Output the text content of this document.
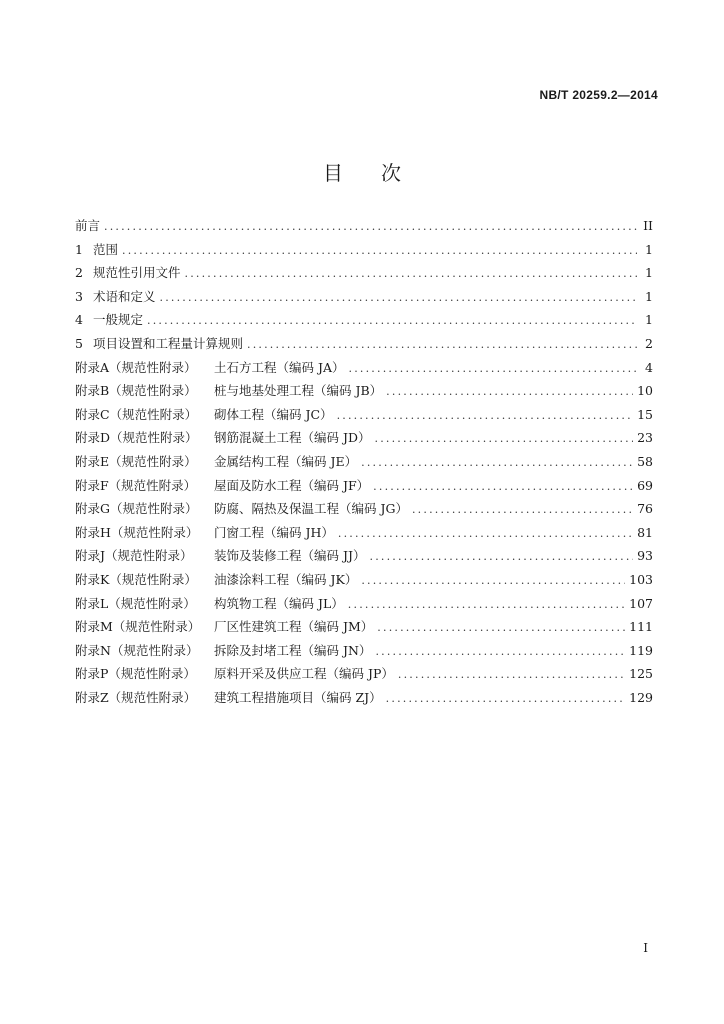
NB/T 20259.2—2014
目次
前言 .....	II
1 范围 .....	1
2 规范性引用文件 .....	1
3 术语和定义 .....	1
4 一般规定 .....	1
5 项目设置和工程量计算规则 .....	2
附录A（规范性附录）	土石方工程（编码 JA） .....	4
附录B（规范性附录）	桩与地基处理工程（编码 JB） .....	10
附录C（规范性附录）	砌体工程（编码 JC） .....	15
附录D（规范性附录）	钢筋混凝土工程（编码 JD） .....	23
附录E（规范性附录）	金属结构工程（编码 JE） .....	58
附录F（规范性附录）	屋面及防水工程（编码 JF） .....	69
附录G（规范性附录）	防腐、隔热及保温工程（编码 JG） .....	76
附录H（规范性附录）	门窗工程（编码 JH） .....	81
附录J（规范性附录）	装饰及装修工程（编码 JJ） .....	93
附录K（规范性附录）	油漆涂料工程（编码 JK） .....	103
附录L（规范性附录）	构筑物工程（编码 JL） .....	107
附录M（规范性附录）	厂区性建筑工程（编码 JM） .....	111
附录N（规范性附录）	拆除及封堵工程（编码 JN） .....	119
附录P（规范性附录）	原料开采及供应工程（编码 JP） .....	125
附录Z（规范性附录）	建筑工程措施项目（编码 ZJ） .....	129
I
